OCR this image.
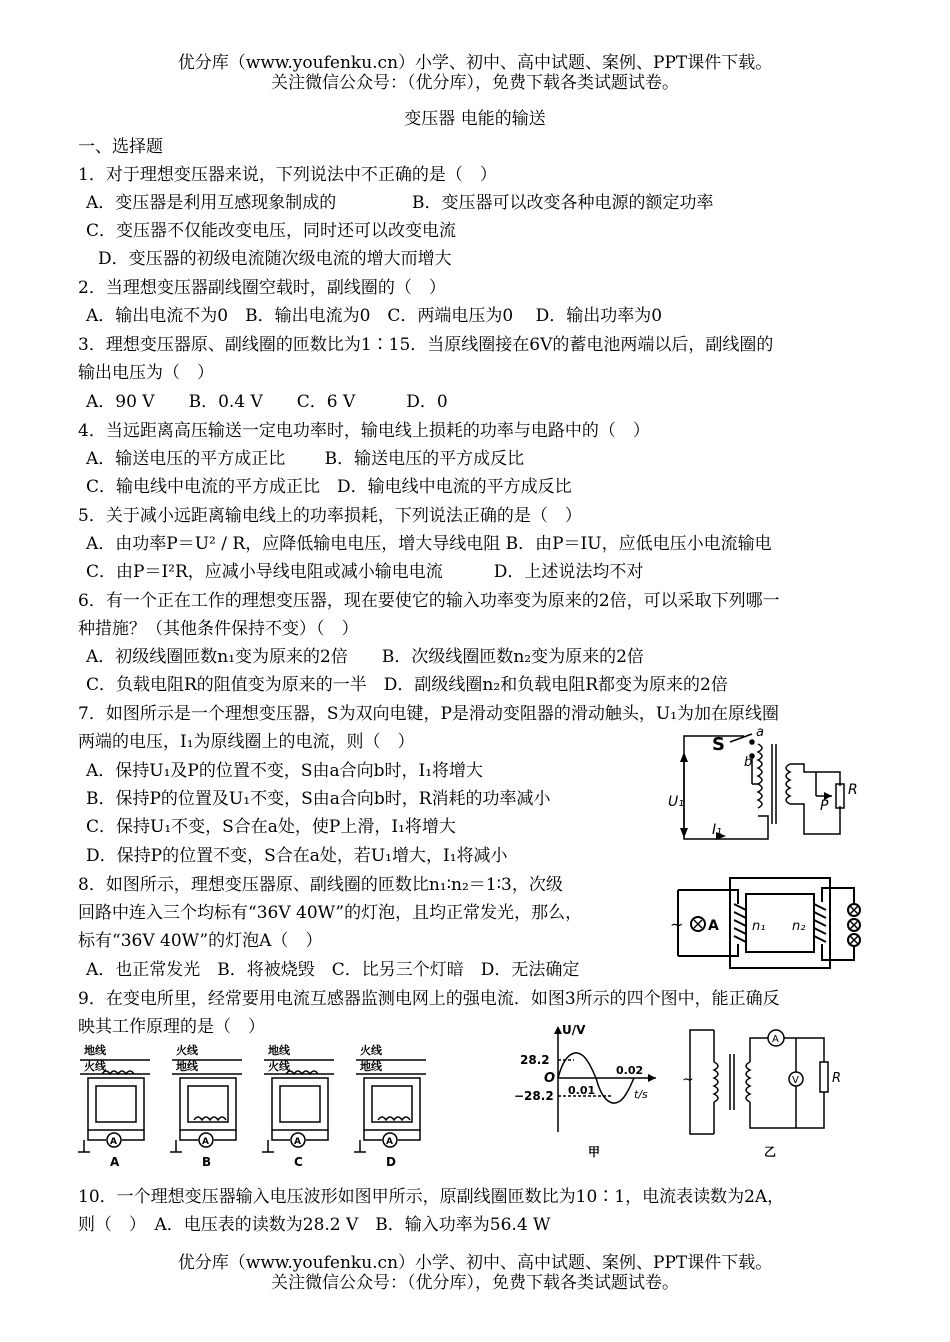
优分库（www.youfenku.cn）小学、初中、高中试题、案例、PPT课件下载。
关注微信公众号：（优分库），免费下载各类试题试卷。
变压器 电能的输送
一、选择题
1．对于理想变压器来说，下列说法中不正确的是（　）
A．变压器是利用互感现象制成的	B．变压器可以改变各种电源的额定功率
C．变压器不仅能改变电压，同时还可以改变电流
D．变压器的初级电流随次级电流的增大而增大
2．当理想变压器副线圈空载时，副线圈的（　）
A．输出电流不为0　B．输出电流为0　C．两端电压为0　 D．输出功率为0
3．理想变压器原、副线圈的匝数比为1∶15．当原线圈接在6V的蓄电池两端以后，副线圈的
输出电压为（　）
A．90 V　　B．0.4 V　　C．6 V　　　D．0
4．当远距离高压输送一定电功率时，输电线上损耗的功率与电路中的（　）
A．输送电压的平方成正比　　 B．输送电压的平方成反比
C．输电线中电流的平方成正比　D．输电线中电流的平方成反比
5．关于减小远距离输电线上的功率损耗，下列说法正确的是（　）
A．由功率P＝U² / R，应降低输电电压，增大导线电阻 B．由P＝IU，应低电压小电流输电
C．由P＝I²R，应减小导线电阻或减小输电电流　　　D．上述说法均不对
6．有一个正在工作的理想变压器，现在要使它的输入功率变为原来的2倍，可以采取下列哪一
种措施？（其他条件保持不变）（　）
A．初级线圈匝数n₁变为原来的2倍　　B．次级线圈匝数n₂变为原来的2倍
C．负载电阻R的阻值变为原来的一半　D．副级线圈n₂和负载电阻R都变为原来的2倍
7．如图所示是一个理想变压器，S为双向电键，P是滑动变阻器的滑动触头，U₁为加在原线圈
两端的电压，I₁为原线圈上的电流，则（　）
A．保持U₁及P的位置不变，S由a合向b时，I₁将增大
B．保持P的位置及U₁不变，S由a合向b时，R消耗的功率减小
C．保持U₁不变，S合在a处，使P上滑，I₁将增大
D．保持P的位置不变，S合在a处，若U₁增大，I₁将减小
8．如图所示，理想变压器原、副线圈的匝数比n₁∶n₂＝1∶3，次级
回路中连入三个均标有“36V 40W”的灯泡，且均正常发光，那么，
标有“36V 40W”的灯泡A（　）
A．也正常发光　B．将被烧毁　C．比另三个灯暗　D．无法确定
9．在变电所里，经常要用电流互感器监测电网上的强电流．如图3所示的四个图中，能正确反
映其工作原理的是（　）
10．一个理想变压器输入电压波形如图甲所示，原副线圈匝数比为10∶1，电流表读数为2A，
则（　）　A．电压表的读数为28.2 V　B．输入功率为56.4 W
优分库（www.youfenku.cn）小学、初中、高中试题、案例、PPT课件下载。
关注微信公众号：（优分库），免费下载各类试题试卷。
S
a
b
U₁
I₁
P
R
~ A	n₁ n₂
地线
火线
A
A
火线
地线
A
B
地线
火线
A
C
火线
地线
A
D
U/V
28.2
−28.2
O
0.01
0.02
t/s
甲
~
A
V	R
乙
